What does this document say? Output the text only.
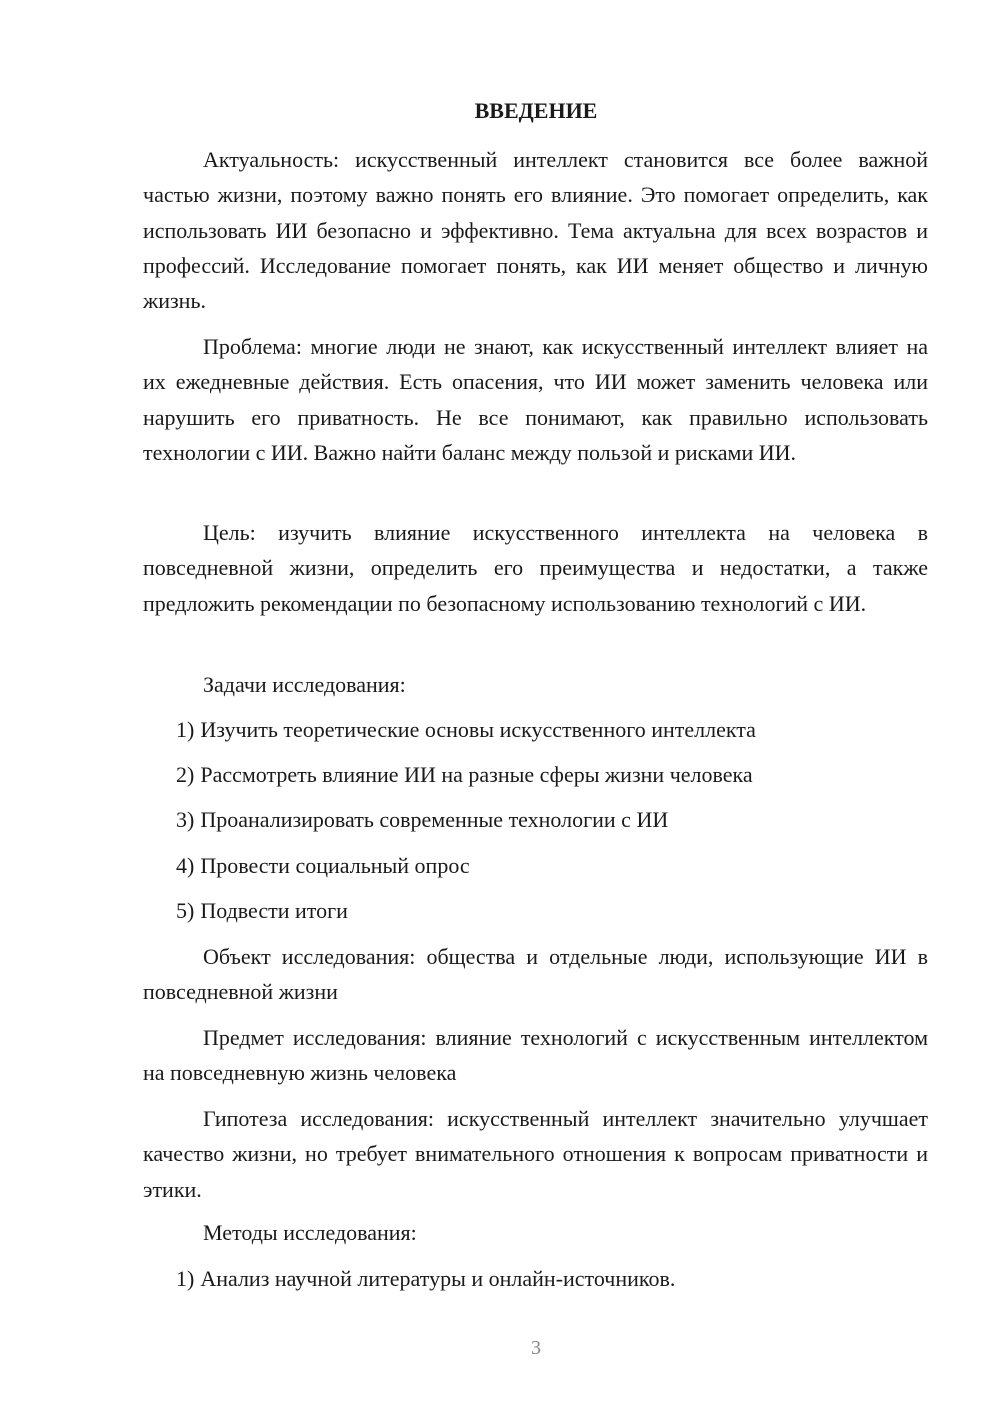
ВВЕДЕНИЕ

Актуальность: искусственный интеллект становится все более важной частью жизни, поэтому важно понять его влияние. Это помогает определить, как использовать ИИ безопасно и эффективно. Тема актуальна для всех возрастов и профессий. Исследование помогает понять, как ИИ меняет общество и личную жизнь.

Проблема: многие люди не знают, как искусственный интеллект влияет на их ежедневные действия. Есть опасения, что ИИ может заменить человека или нарушить его приватность. Не все понимают, как правильно использовать технологии с ИИ. Важно найти баланс между пользой и рисками ИИ.

Цель: изучить влияние искусственного интеллекта на человека в повседневной жизни, определить его преимущества и недостатки, а также предложить рекомендации по безопасному использованию технологий с ИИ.

Задачи исследования:
1) Изучить теоретические основы искусственного интеллекта
2) Рассмотреть влияние ИИ на разные сферы жизни человека
3) Проанализировать современные технологии с ИИ
4) Провести социальный опрос
5) Подвести итоги

Объект исследования: общества и отдельные люди, использующие ИИ в повседневной жизни

Предмет исследования: влияние технологий с искусственным интеллектом на повседневную жизнь человека

Гипотеза исследования: искусственный интеллект значительно улучшает качество жизни, но требует внимательного отношения к вопросам приватности и этики.

Методы исследования:
1) Анализ научной литературы и онлайн-источников.
3
